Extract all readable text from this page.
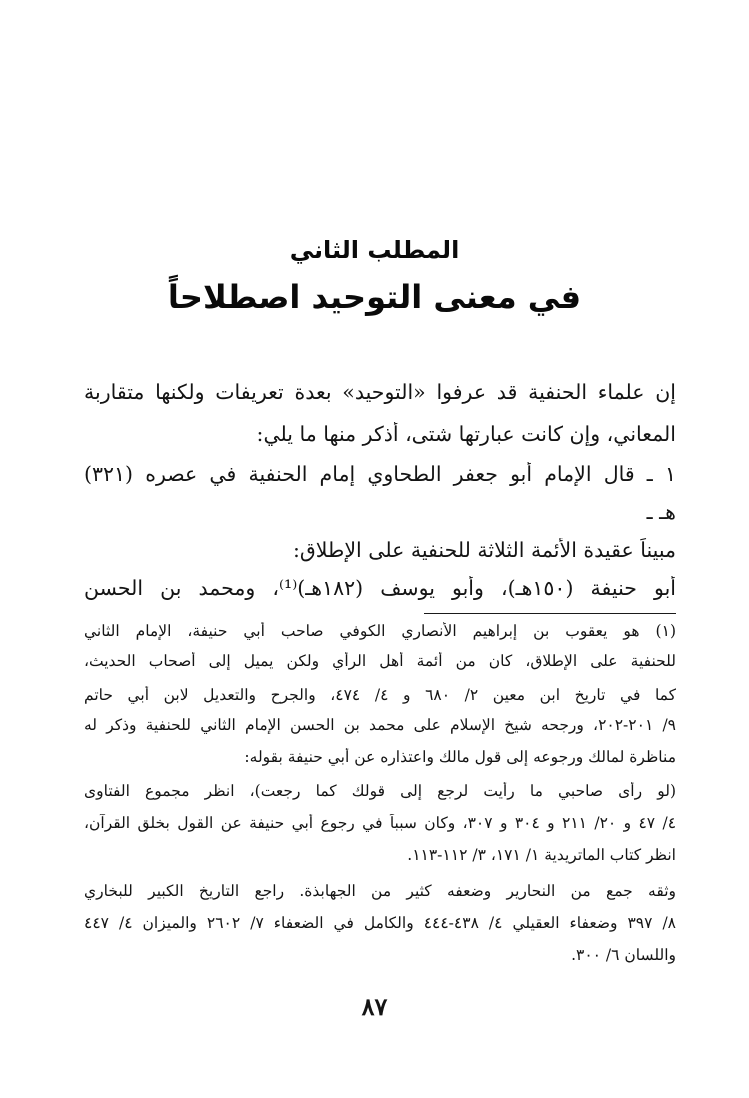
المطلب الثاني
في معنى التوحيد اصطلاحاً
إن علماء الحنفية قد عرفوا «التوحيد» بعدة تعريفات ولكنها متقاربة
المعاني، وإن كانت عبارتها شتى، أذكر منها ما يلي:
١ ـ قال الإمام أبو جعفر الطحاوي إمام الحنفية في عصره (٣٢١)
هـ ـ
مبيناً عقيدة الأئمة الثلاثة للحنفية على الإطلاق:
أبو حنيفة (١٥٠هـ)، وأبو يوسف (١٨٢هـ)⁽¹⁾، ومحمد بن الحسن
(١) هو يعقوب بن إبراهيم الأنصاري الكوفي صاحب أبي حنيفة، الإمام الثاني
للحنفية على الإطلاق، كان من أئمة أهل الرأي ولكن يميل إلى أصحاب الحديث،
كما في تاريخ ابن معين ٢/ ٦٨٠ و ٤/ ٤٧٤، والجرح والتعديل لابن أبي حاتم
٩/ ٢٠١-٢٠٢، ورجحه شيخ الإسلام على محمد بن الحسن الإمام الثاني للحنفية وذكر له
مناظرة لمالك ورجوعه إلى قول مالك واعتذاره عن أبي حنيفة بقوله:
(لو رأى صاحبي ما رأيت لرجع إلى قولك كما رجعت)، انظر مجموع الفتاوى
٤/ ٤٧ و ٢٠/ ٢١١ و ٣٠٤ و ٣٠٧، وكان سبباً في رجوع أبي حنيفة عن القول بخلق القرآن،
انظر كتاب الماتريدية ١/ ١٧١، ٣/ ١١٢-١١٣.
وثقه جمع من النحارير وضعفه كثير من الجهابذة. راجع التاريخ الكبير للبخاري
٨/ ٣٩٧ وضعفاء العقيلي ٤/ ٤٣٨-٤٤٤ والكامل في الضعفاء ٧/ ٢٦٠٢ والميزان ٤/ ٤٤٧
واللسان ٦/ ٣٠٠.
٨٧
